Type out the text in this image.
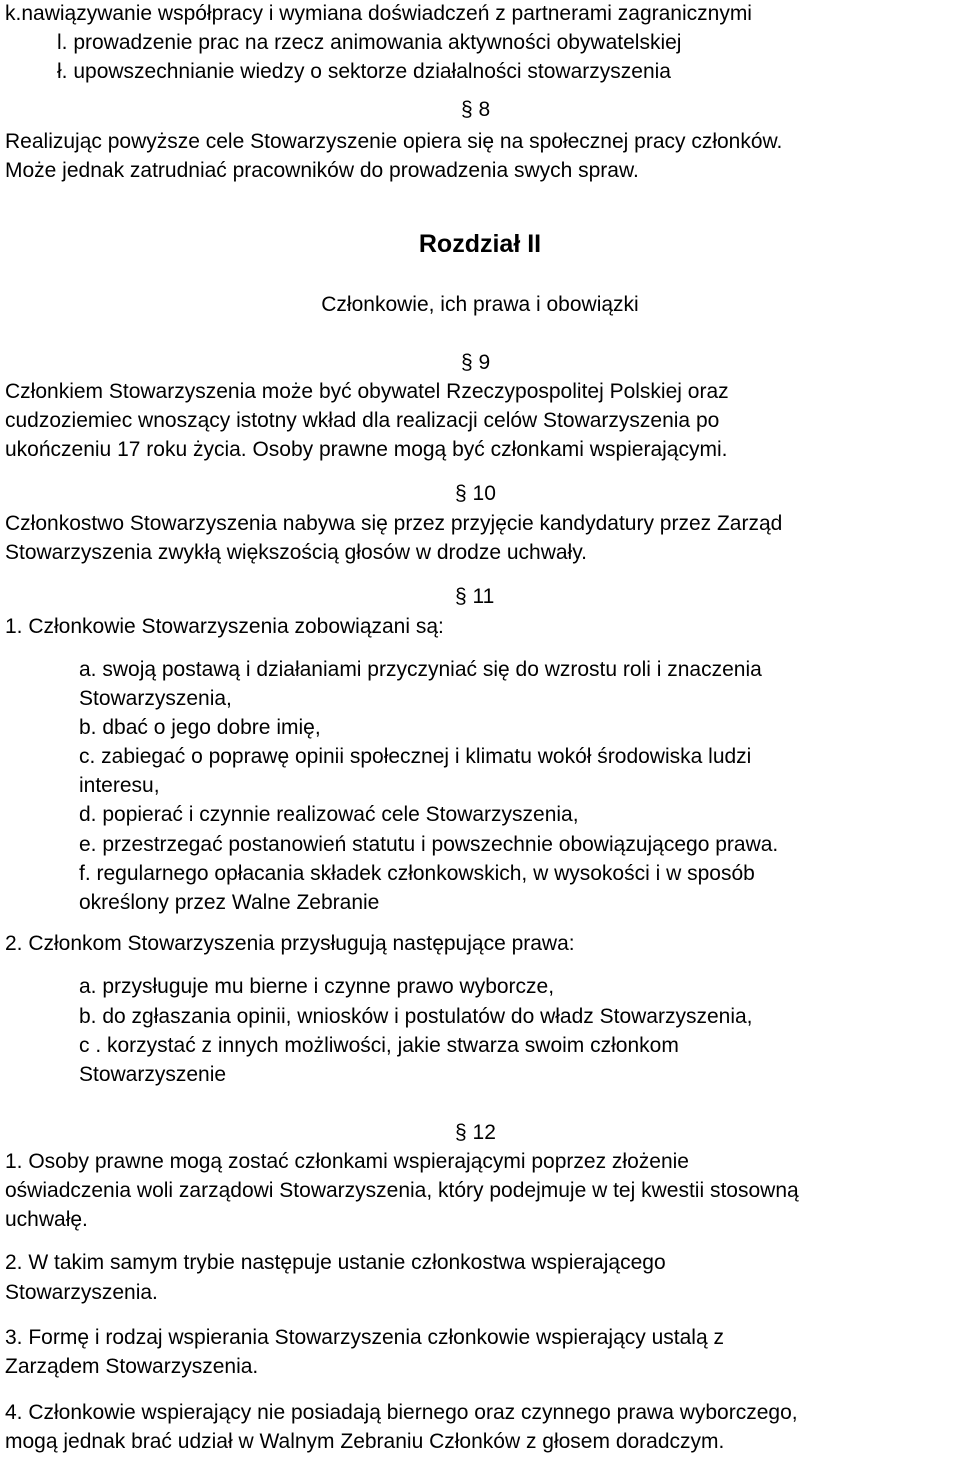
k.nawiązywanie współpracy i wymiana doświadczeń z partnerami zagranicznymi
l. prowadzenie prac na rzecz animowania aktywności obywatelskiej
ł. upowszechnianie wiedzy o sektorze działalności stowarzyszenia
§ 8
Realizując powyższe cele Stowarzyszenie opiera się na społecznej pracy członków.
Może jednak zatrudniać pracowników do prowadzenia swych spraw.
Rozdział II
Członkowie, ich prawa i obowiązki
§ 9
Członkiem Stowarzyszenia może być obywatel Rzeczypospolitej Polskiej oraz
cudzoziemiec wnoszący istotny wkład dla realizacji celów Stowarzyszenia po
ukończeniu 17 roku życia. Osoby prawne mogą być członkami wspierającymi.
§ 10
Członkostwo Stowarzyszenia nabywa się przez przyjęcie kandydatury przez Zarząd
Stowarzyszenia zwykłą większością głosów w drodze uchwały.
§ 11
1. Członkowie Stowarzyszenia zobowiązani są:
a. swoją postawą i działaniami przyczyniać się do wzrostu roli i znaczenia
Stowarzyszenia,
b. dbać o jego dobre imię,
c. zabiegać o poprawę opinii społecznej i klimatu wokół środowiska ludzi
interesu,
d. popierać i czynnie realizować cele Stowarzyszenia,
e. przestrzegać postanowień statutu i powszechnie obowiązującego prawa.
f. regularnego opłacania składek członkowskich, w wysokości i w sposób
określony przez Walne Zebranie
2. Członkom Stowarzyszenia przysługują następujące prawa:
a. przysługuje mu bierne i czynne prawo wyborcze,
b. do zgłaszania opinii, wniosków i postulatów do władz Stowarzyszenia,
c . korzystać z innych możliwości, jakie stwarza swoim członkom
Stowarzyszenie
§ 12
1. Osoby prawne mogą zostać członkami wspierającymi poprzez złożenie
oświadczenia woli zarządowi Stowarzyszenia, który podejmuje w tej kwestii stosowną
uchwałę.
2. W takim samym trybie następuje ustanie członkostwa wspierającego
Stowarzyszenia.
3. Formę i rodzaj wspierania Stowarzyszenia członkowie wspierający ustalą z
Zarządem Stowarzyszenia.
4. Członkowie wspierający nie posiadają biernego oraz czynnego prawa wyborczego,
mogą jednak brać udział w Walnym Zebraniu Członków z głosem doradczym.
